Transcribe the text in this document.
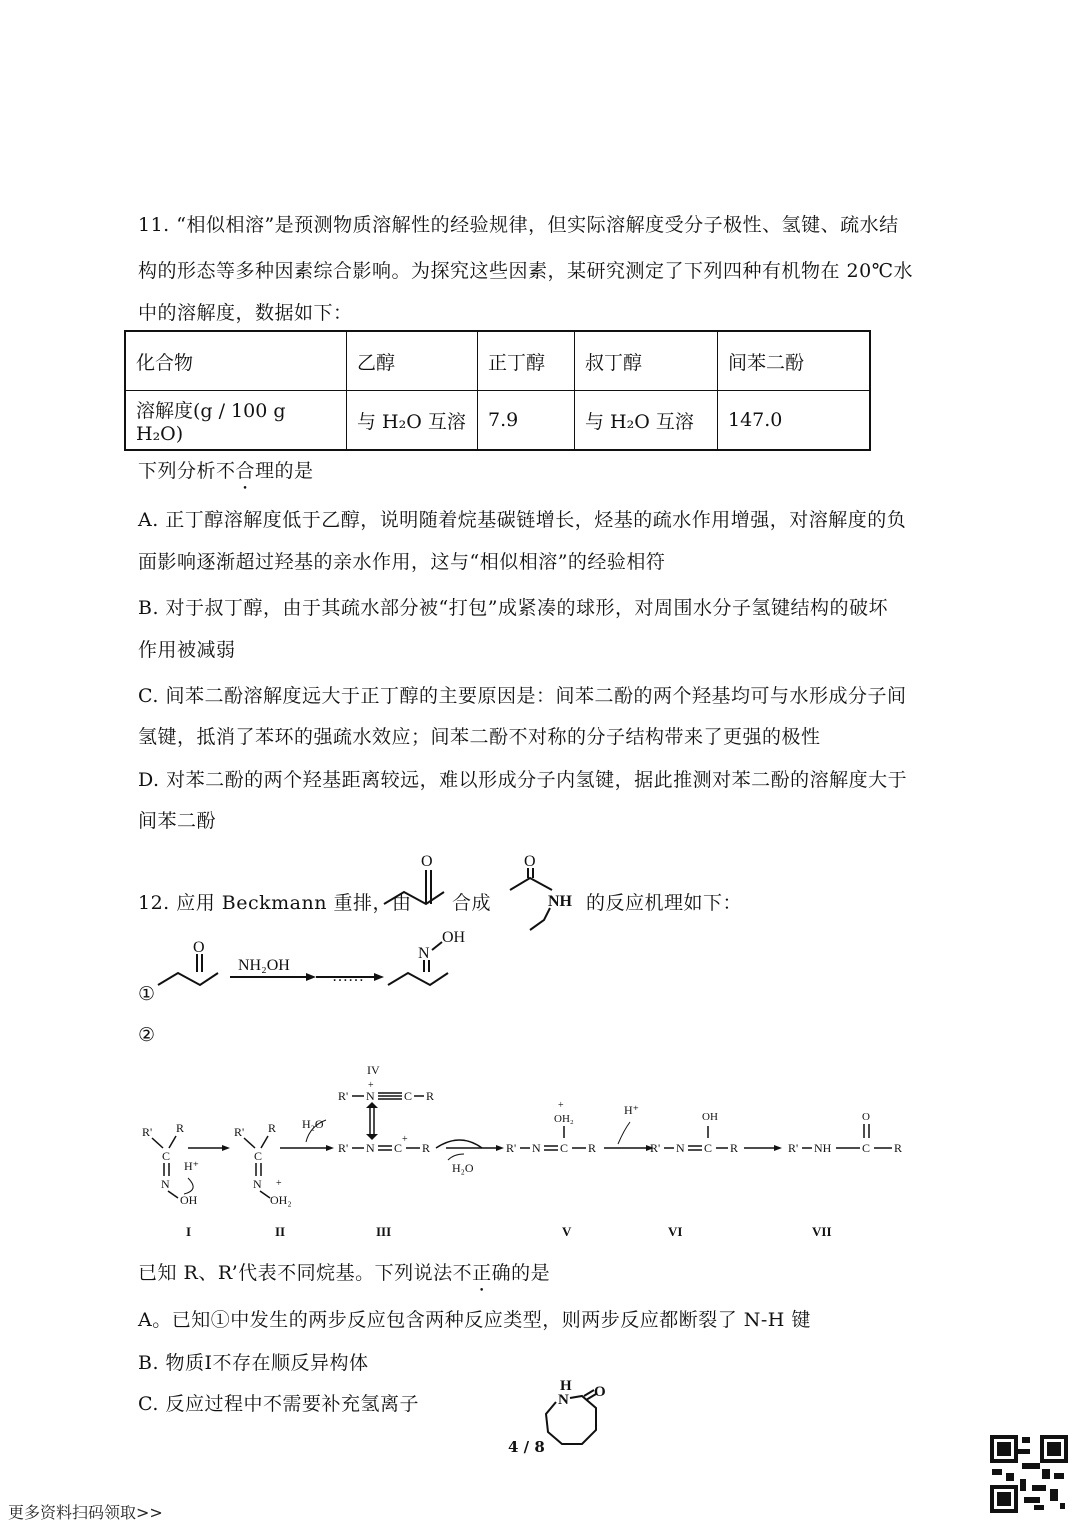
11. “相似相溶”是预测物质溶解性的经验规律，但实际溶解度受分子极性、氢键、疏水结
构的形态等多种因素综合影响。为探究这些因素，某研究测定了下列四种有机物在 20℃水
中的溶解度，数据如下：
化合物	乙醇	正丁醇	叔丁醇	间苯二酚
溶解度(g / 100 g H₂O)	与 H₂O 互溶	7.9	与 H₂O 互溶	147.0
下列分析不合理的是
A. 正丁醇溶解度低于乙醇，说明随着烷基碳链增长，烃基的疏水作用增强，对溶解度的负
面影响逐渐超过羟基的亲水作用，这与“相似相溶”的经验相符
B. 对于叔丁醇，由于其疏水部分被“打包”成紧凑的球形，对周围水分子氢键结构的破坏
作用被减弱
C. 间苯二酚溶解度远大于正丁醇的主要原因是：间苯二酚的两个羟基均可与水形成分子间
氢键，抵消了苯环的强疏水效应；间苯二酚不对称的分子结构带来了更强的极性
D. 对苯二酚的两个羟基距离较远，难以形成分子内氢键，据此推测对苯二酚的溶解度大于
间苯二酚
12. 应用 Beckmann 重排，由
O
合成
O
NH 的反应机理如下：
O
……
NH₂OH
N
OH
①
②
R' R
C
N
OH
H⁺
R' R
C
N
OH₂
+
H₂O
IV
R' N
+
C R
R' N C
+
R
H₂O
R' N C
OH₂
+
R
H⁺
R' N C
OH
R	R' NH	C
O
R
I	II	III	V	VI	VII
已知 R、R’代表不同烷基。下列说法不正确的是
A。已知①中发生的两步反应包含两种反应类型，则两步反应都断裂了 N-H 键
B. 物质Ⅰ不存在顺反异构体
C. 反应过程中不需要补充氢离子
H
N O
4 / 8
更多资料扫码领取>>
